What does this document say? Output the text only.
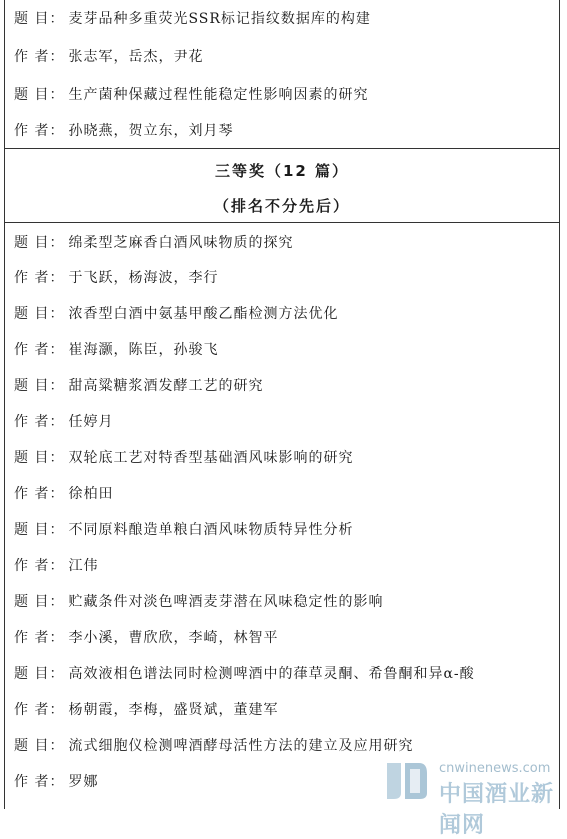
题 目： 麦芽品种多重荧光SSR标记指纹数据库的构建
作 者： 张志军，岳杰，尹花
题 目： 生产菌种保藏过程性能稳定性影响因素的研究
作 者： 孙晓燕，贺立东，刘月琴
三等奖（12 篇）
（排名不分先后）
题 目： 绵柔型芝麻香白酒风味物质的探究
作 者： 于飞跃，杨海波，李行
题 目： 浓香型白酒中氨基甲酸乙酯检测方法优化
作 者： 崔海灏，陈臣，孙骏飞
题 目： 甜高粱糖浆酒发酵工艺的研究
作 者： 任婷月
题 目： 双轮底工艺对特香型基础酒风味影响的研究
作 者： 徐柏田
题 目： 不同原料酿造单粮白酒风味物质特异性分析
作 者： 江伟
题 目： 贮藏条件对淡色啤酒麦芽潜在风味稳定性的影响
作 者： 李小溪，曹欣欣，李崎，林智平
题 目： 高效液相色谱法同时检测啤酒中的葎草灵酮、希鲁酮和异α-酸
作 者： 杨朝霞，李梅，盛贤斌，董建军
题 目： 流式细胞仪检测啤酒酵母活性方法的建立及应用研究
作 者： 罗娜
cnwinenews.com
中国酒业新闻网
